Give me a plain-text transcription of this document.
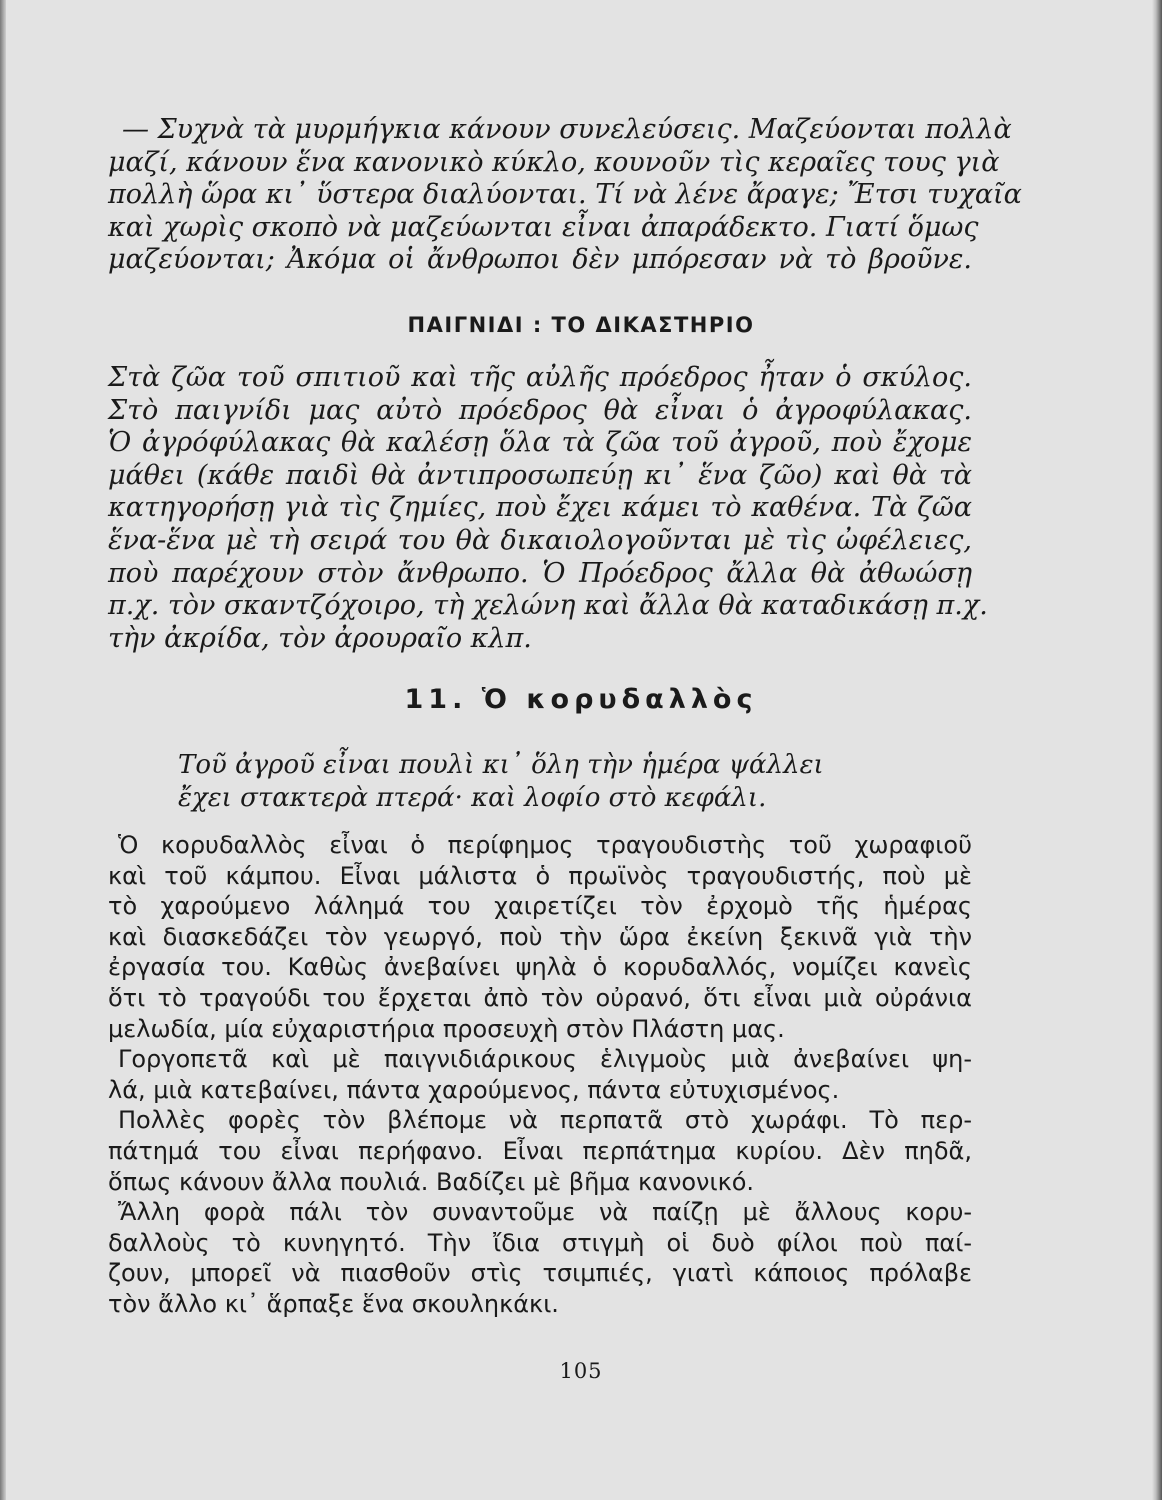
— Συχνὰ τὰ μυρμήγκια κάνουν συνελεύσεις. Μαζεύονται πολλὰ

μαζί, κάνουν ἕνα κανονικὸ κύκλο, κουνοῦν τὶς κεραῖες τους γιὰ

πολλὴ ὥρα κι᾽ ὕστερα διαλύονται. Τί νὰ λένε ἄραγε; Ἔτσι τυχαῖα

καὶ χωρὶς σκοπὸ νὰ μαζεύωνται εἶναι ἀπαράδεκτο. Γιατί ὅμως

μαζεύονται; Ἀκόμα οἱ ἄνθρωποι δὲν μπόρεσαν νὰ τὸ βροῦνε.

ΠΑΙΓΝΙΔΙ : ΤΟ ΔΙΚΑΣΤΗΡΙΟ

Στὰ ζῶα τοῦ σπιτιοῦ καὶ τῆς αὐλῆς πρόεδρος ἦταν ὁ σκύλος.

Στὸ παιγνίδι μας αὐτὸ πρόεδρος θὰ εἶναι ὁ ἀγροφύλακας.

Ὁ ἀγρόφύλακας θὰ καλέσῃ ὅλα τὰ ζῶα τοῦ ἀγροῦ, ποὺ ἔχομε

μάθει (κάθε παιδὶ θὰ ἀντιπροσωπεύῃ κι᾽ ἕνα ζῶο) καὶ θὰ τὰ

κατηγορήσῃ γιὰ τὶς ζημίες, ποὺ ἔχει κάμει τὸ καθένα. Τὰ ζῶα

ἕνα-ἕνα μὲ τὴ σειρά του θὰ δικαιολογοῦνται μὲ τὶς ὠφέλειες,

ποὺ παρέχουν στὸν ἄνθρωπο. Ὁ Πρόεδρος ἄλλα θὰ ἀθωώσῃ

π.χ. τὸν σκαντζόχοιρο, τὴ χελώνη καὶ ἄλλα θὰ καταδικάσῃ π.χ.

τὴν ἀκρίδα, τὸν ἀρουραῖο κλπ.

11. Ὁ κορυδαλλὸς

Τοῦ ἀγροῦ εἶναι πουλὶ κι᾽ ὅλη τὴν ἡμέρα ψάλλει

ἔχει στακτερὰ πτερά· καὶ λοφίο στὸ κεφάλι.

Ὁ κορυδαλλὸς εἶναι ὁ περίφημος τραγουδιστὴς τοῦ χωραφιοῦ

καὶ τοῦ κάμπου. Εἶναι μάλιστα ὁ πρωϊνὸς τραγουδιστής, ποὺ μὲ

τὸ χαρούμενο λάλημά του χαιρετίζει τὸν ἐρχομὸ τῆς ἡμέρας

καὶ διασκεδάζει τὸν γεωργό, ποὺ τὴν ὥρα ἐκείνη ξεκινᾶ γιὰ τὴν

ἐργασία του. Καθὼς ἀνεβαίνει ψηλὰ ὁ κορυδαλλός, νομίζει κανεὶς

ὅτι τὸ τραγούδι του ἔρχεται ἀπὸ τὸν οὐρανό, ὅτι εἶναι μιὰ οὐράνια

μελωδία, μία εὐχαριστήρια προσευχὴ στὸν Πλάστη μας.

Γοργοπετᾶ καὶ μὲ παιγνιδιάρικους ἑλιγμοὺς μιὰ ἀνεβαίνει ψη-

λά, μιὰ κατεβαίνει, πάντα χαρούμενος, πάντα εὐτυχισμένος.

Πολλὲς φορὲς τὸν βλέπομε νὰ περπατᾶ στὸ χωράφι. Τὸ περ-

πάτημά του εἶναι περήφανο. Εἶναι περπάτημα κυρίου. Δὲν πηδᾶ,

ὅπως κάνουν ἄλλα πουλιά. Βαδίζει μὲ βῆμα κανονικό.

Ἄλλη φορὰ πάλι τὸν συναντοῦμε νὰ παίζῃ μὲ ἄλλους κορυ-

δαλλοὺς τὸ κυνηγητό. Τὴν ἴδια στιγμὴ οἱ δυὸ φίλοι ποὺ παί-

ζουν, μπορεῖ νὰ πιασθοῦν στὶς τσιμπιές, γιατὶ κάποιος πρόλαβε

τὸν ἄλλο κι᾽ ἅρπαξε ἕνα σκουληκάκι.

105
